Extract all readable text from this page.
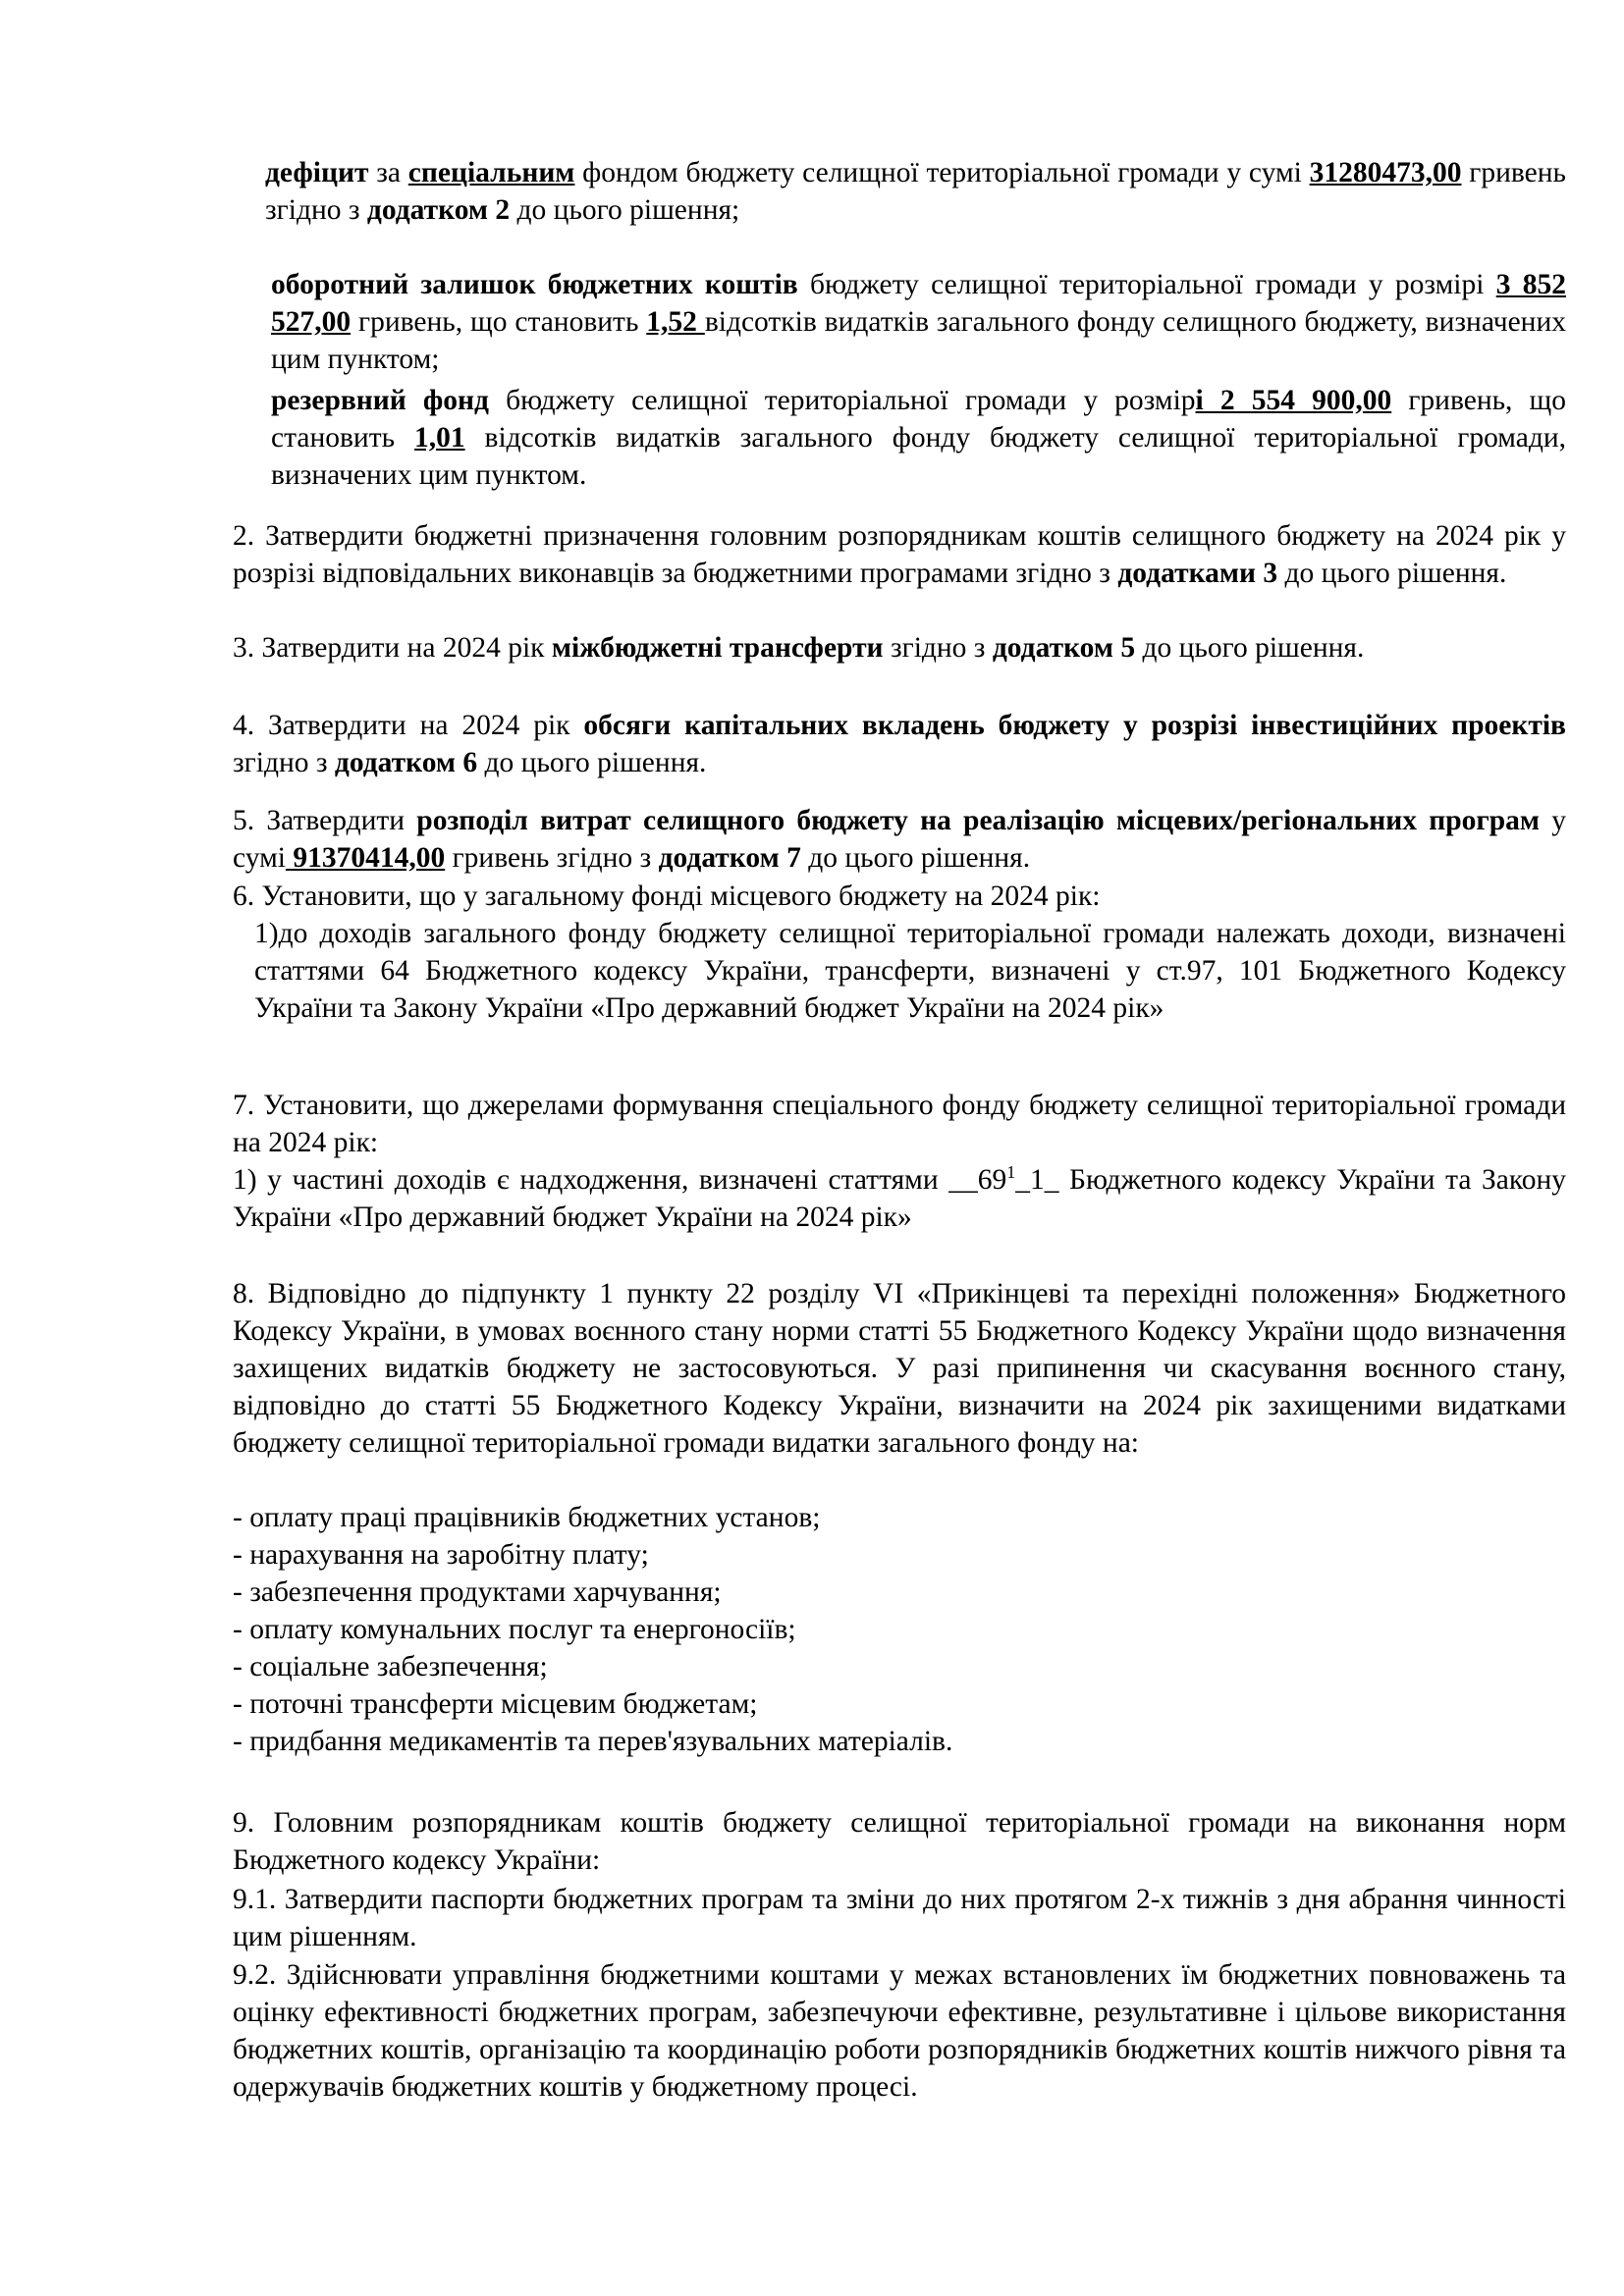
дефіцит за спеціальним фондом бюджету селищної територіальної громади у сумі 31280473,00 гривень згідно з додатком 2 до цього рішення;

оборотний залишок бюджетних коштів бюджету селищної територіальної громади у розмірі 3 852 527,00 гривень, що становить 1,52 відсотків видатків загального фонду селищного бюджету, визначених цим пунктом;

резервний фонд бюджету селищної територіальної громади у розмірі 2 554 900,00 гривень, що становить 1,01 відсотків видатків загального фонду бюджету селищної територіальної громади, визначених цим пунктом.

2. Затвердити бюджетні призначення головним розпорядникам коштів селищного бюджету на 2024 рік у розрізі відповідальних виконавців за бюджетними програмами згідно з додатками 3 до цього рішення.

3. Затвердити на 2024 рік міжбюджетні трансферти згідно з додатком 5 до цього рішення.

4. Затвердити на 2024 рік обсяги капітальних вкладень бюджету у розрізі інвестиційних проектів згідно з додатком 6 до цього рішення.

5. Затвердити розподіл витрат селищного бюджету на реалізацію місцевих/регіональних програм у сумі 91370414,00 гривень згідно з додатком 7 до цього рішення.

6. Установити, що у загальному фонді місцевого бюджету на 2024 рік:

1)до доходів загального фонду бюджету селищної територіальної громади належать доходи, визначені статтями 64 Бюджетного кодексу України, трансферти, визначені у ст.97, 101 Бюджетного Кодексу України та Закону України «Про державний бюджет України на 2024 рік»

7. Установити, що джерелами формування спеціального фонду бюджету селищної територіальної громади на 2024 рік:

1) у частині доходів є надходження, визначені статтями $\_\_69^1\_1\_$ Бюджетного кодексу України та Закону України «Про державний бюджет України на 2024 рік»

8. Відповідно до підпункту 1 пункту 22 розділу VI «Прикінцеві та перехідні положення» Бюджетного Кодексу України, в умовах воєнного стану норми статті 55 Бюджетного Кодексу України щодо визначення захищених видатків бюджету не застосовуються. У разі припинення чи скасування воєнного стану, відповідно до статті 55 Бюджетного Кодексу України, визначити на 2024 рік захищеними видатками бюджету селищної територіальної громади видатки загального фонду на:

- оплату праці працівників бюджетних установ;
- нарахування на заробітну плату;
- забезпечення продуктами харчування;
- оплату комунальних послуг та енергоносіїв;
- соціальне забезпечення;
- поточні трансферти місцевим бюджетам;
- придбання медикаментів та перев'язувальних матеріалів.

9. Головним розпорядникам коштів бюджету селищної територіальної громади на виконання норм Бюджетного кодексу України:

9.1. Затвердити паспорти бюджетних програм та зміни до них протягом 2-х тижнів з дня абрання чинності цим рішенням.

9.2. Здійснювати управління бюджетними коштами у межах встановлених їм бюджетних повноважень та оцінку ефективності бюджетних програм, забезпечуючи ефективне, результативне і цільове використання бюджетних коштів, організацію та координацію роботи розпорядників бюджетних коштів нижчого рівня та одержувачів бюджетних коштів у бюджетному процесі.
